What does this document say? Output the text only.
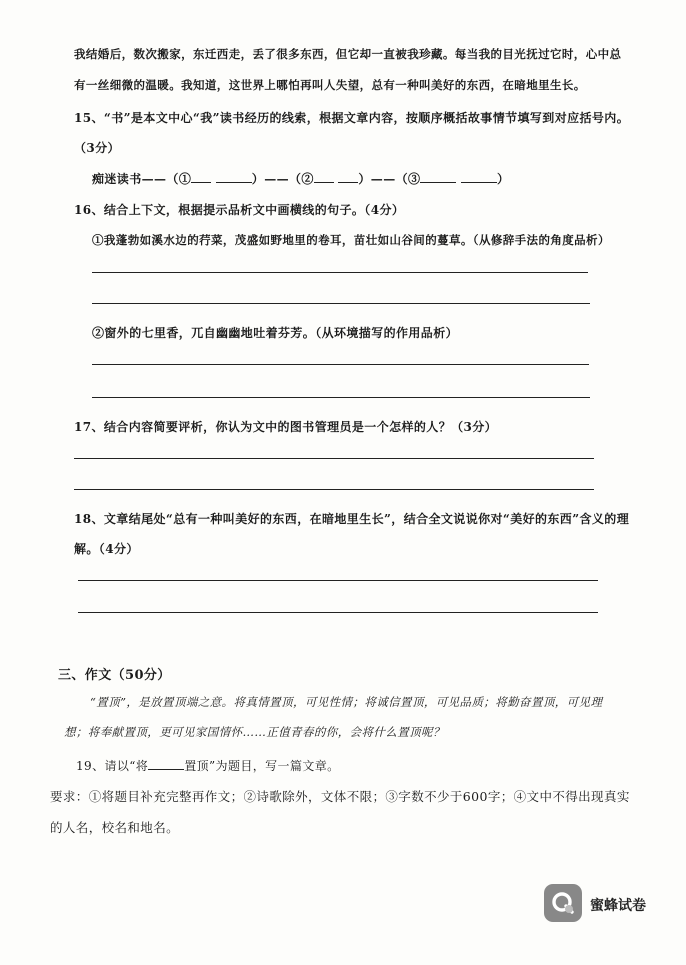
我结婚后，数次搬家，东迁西走，丢了很多东西，但它却一直被我珍藏。每当我的目光抚过它时，心中总
有一丝细微的温暖。我知道，这世界上哪怕再叫人失望，总有一种叫美好的东西，在暗地里生长。
15、“书”是本文中心“我”读书经历的线索，根据文章内容，按顺序概括故事情节填写到对应括号内。
（3分）
痴迷读书——（①	）——（②	）——（③	）
16、结合上下文，根据提示品析文中画横线的句子。（4分）
①我蓬勃如溪水边的荇菜，茂盛如野地里的卷耳，苗壮如山谷间的蔓草。（从修辞手法的角度品析）
②窗外的七里香，兀自幽幽地吐着芬芳。（从环境描写的作用品析）
17、结合内容简要评析，你认为文中的图书管理员是一个怎样的人？（3分）
18、文章结尾处“总有一种叫美好的东西，在暗地里生长”，结合全文说说你对“美好的东西”含义的理
解。（4分）
三、作文（50分）
“置顶”，是放置顶端之意。将真情置顶，可见性情；将诚信置顶，可见品质；将勤奋置顶，可见理
想；将奉献置顶，更可见家国情怀……正值青春的你，会将什么置顶呢？
19、请以“将	置顶”为题目，写一篇文章。
要求：①将题目补充完整再作文；②诗歌除外，文体不限；③字数不少于600字；④文中不得出现真实
的人名，校名和地名。
蜜蜂试卷
